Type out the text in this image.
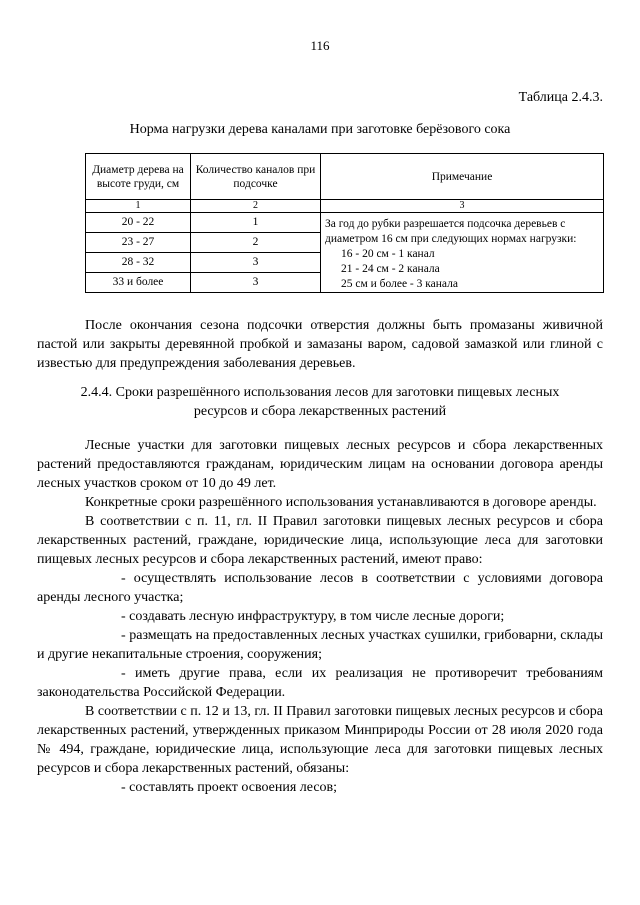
116
Таблица 2.4.3.
Норма нагрузки дерева каналами при заготовке берёзового сока
Диаметр дерева на высоте груди, см	Количество каналов при подсочке	Примечание
1	2	3
20 - 22	1	За год до рубки разрешается подсочка деревьев с диаметром 16 см при следующих нормах нагрузки:
16 - 20 см - 1 канал
21 - 24 см - 2 канала
25 см и более - 3 канала

23 - 27	2	
28 - 32	3	
33 и более	3	

После окончания сезона подсочки отверстия должны быть промазаны живичной пастой или закрыты деревянной пробкой и замазаны варом, садовой замазкой или глиной с известью для предупреждения заболевания деревьев.

2.4.4. Сроки разрешённого использования лесов для заготовки пищевых лесных

ресурсов и сбора лекарственных растений

Лесные участки для заготовки пищевых лесных ресурсов и сбора лекарственных растений предоставляются гражданам, юридическим лицам на основании договора аренды лесных участков сроком от 10 до 49 лет.

Конкретные сроки разрешённого использования устанавливаются в договоре аренды.

В соответствии с п. 11, гл. II Правил заготовки пищевых лесных ресурсов и сбора лекарственных растений, граждане, юридические лица, использующие леса для заготовки пищевых лесных ресурсов и сбора лекарственных растений, имеют право:

- осуществлять использование лесов в соответствии с условиями договора аренды лесного участка;

- создавать лесную инфраструктуру, в том числе лесные дороги;

- размещать на предоставленных лесных участках сушилки, грибоварни, склады и другие некапитальные строения, сооружения;

- иметь другие права, если их реализация не противоречит требованиям законодательства Российской Федерации.

В соответствии с п. 12 и 13, гл. II Правил заготовки пищевых лесных ресурсов и сбора лекарственных растений, утвержденных приказом Минприроды России от 28 июля 2020 года № 494, граждане, юридические лица, использующие леса для заготовки пищевых лесных ресурсов и сбора лекарственных растений, обязаны:

- составлять проект освоения лесов;
